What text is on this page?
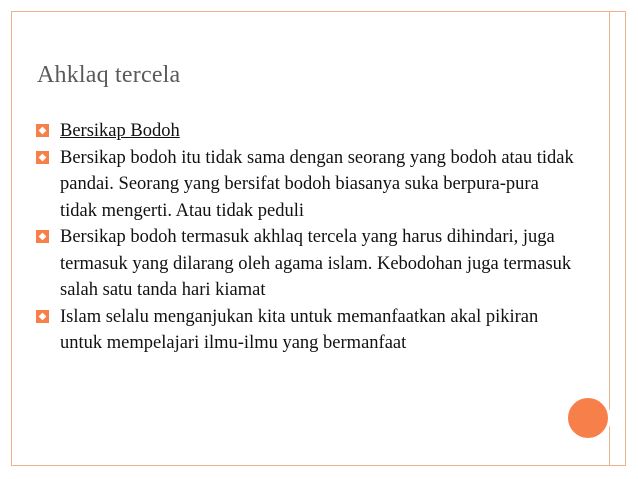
Ahklaq tercela
Bersikap Bodoh
Bersikap bodoh itu tidak sama dengan seorang yang bodoh atau tidak pandai. Seorang yang bersifat bodoh biasanya suka berpura-pura tidak mengerti. Atau tidak peduli
Bersikap bodoh termasuk akhlaq tercela yang harus dihindari, juga termasuk yang dilarang oleh agama islam. Kebodohan juga termasuk salah satu tanda hari kiamat
Islam selalu menganjukan kita untuk memanfaatkan akal pikiran untuk mempelajari ilmu-ilmu yang bermanfaat
